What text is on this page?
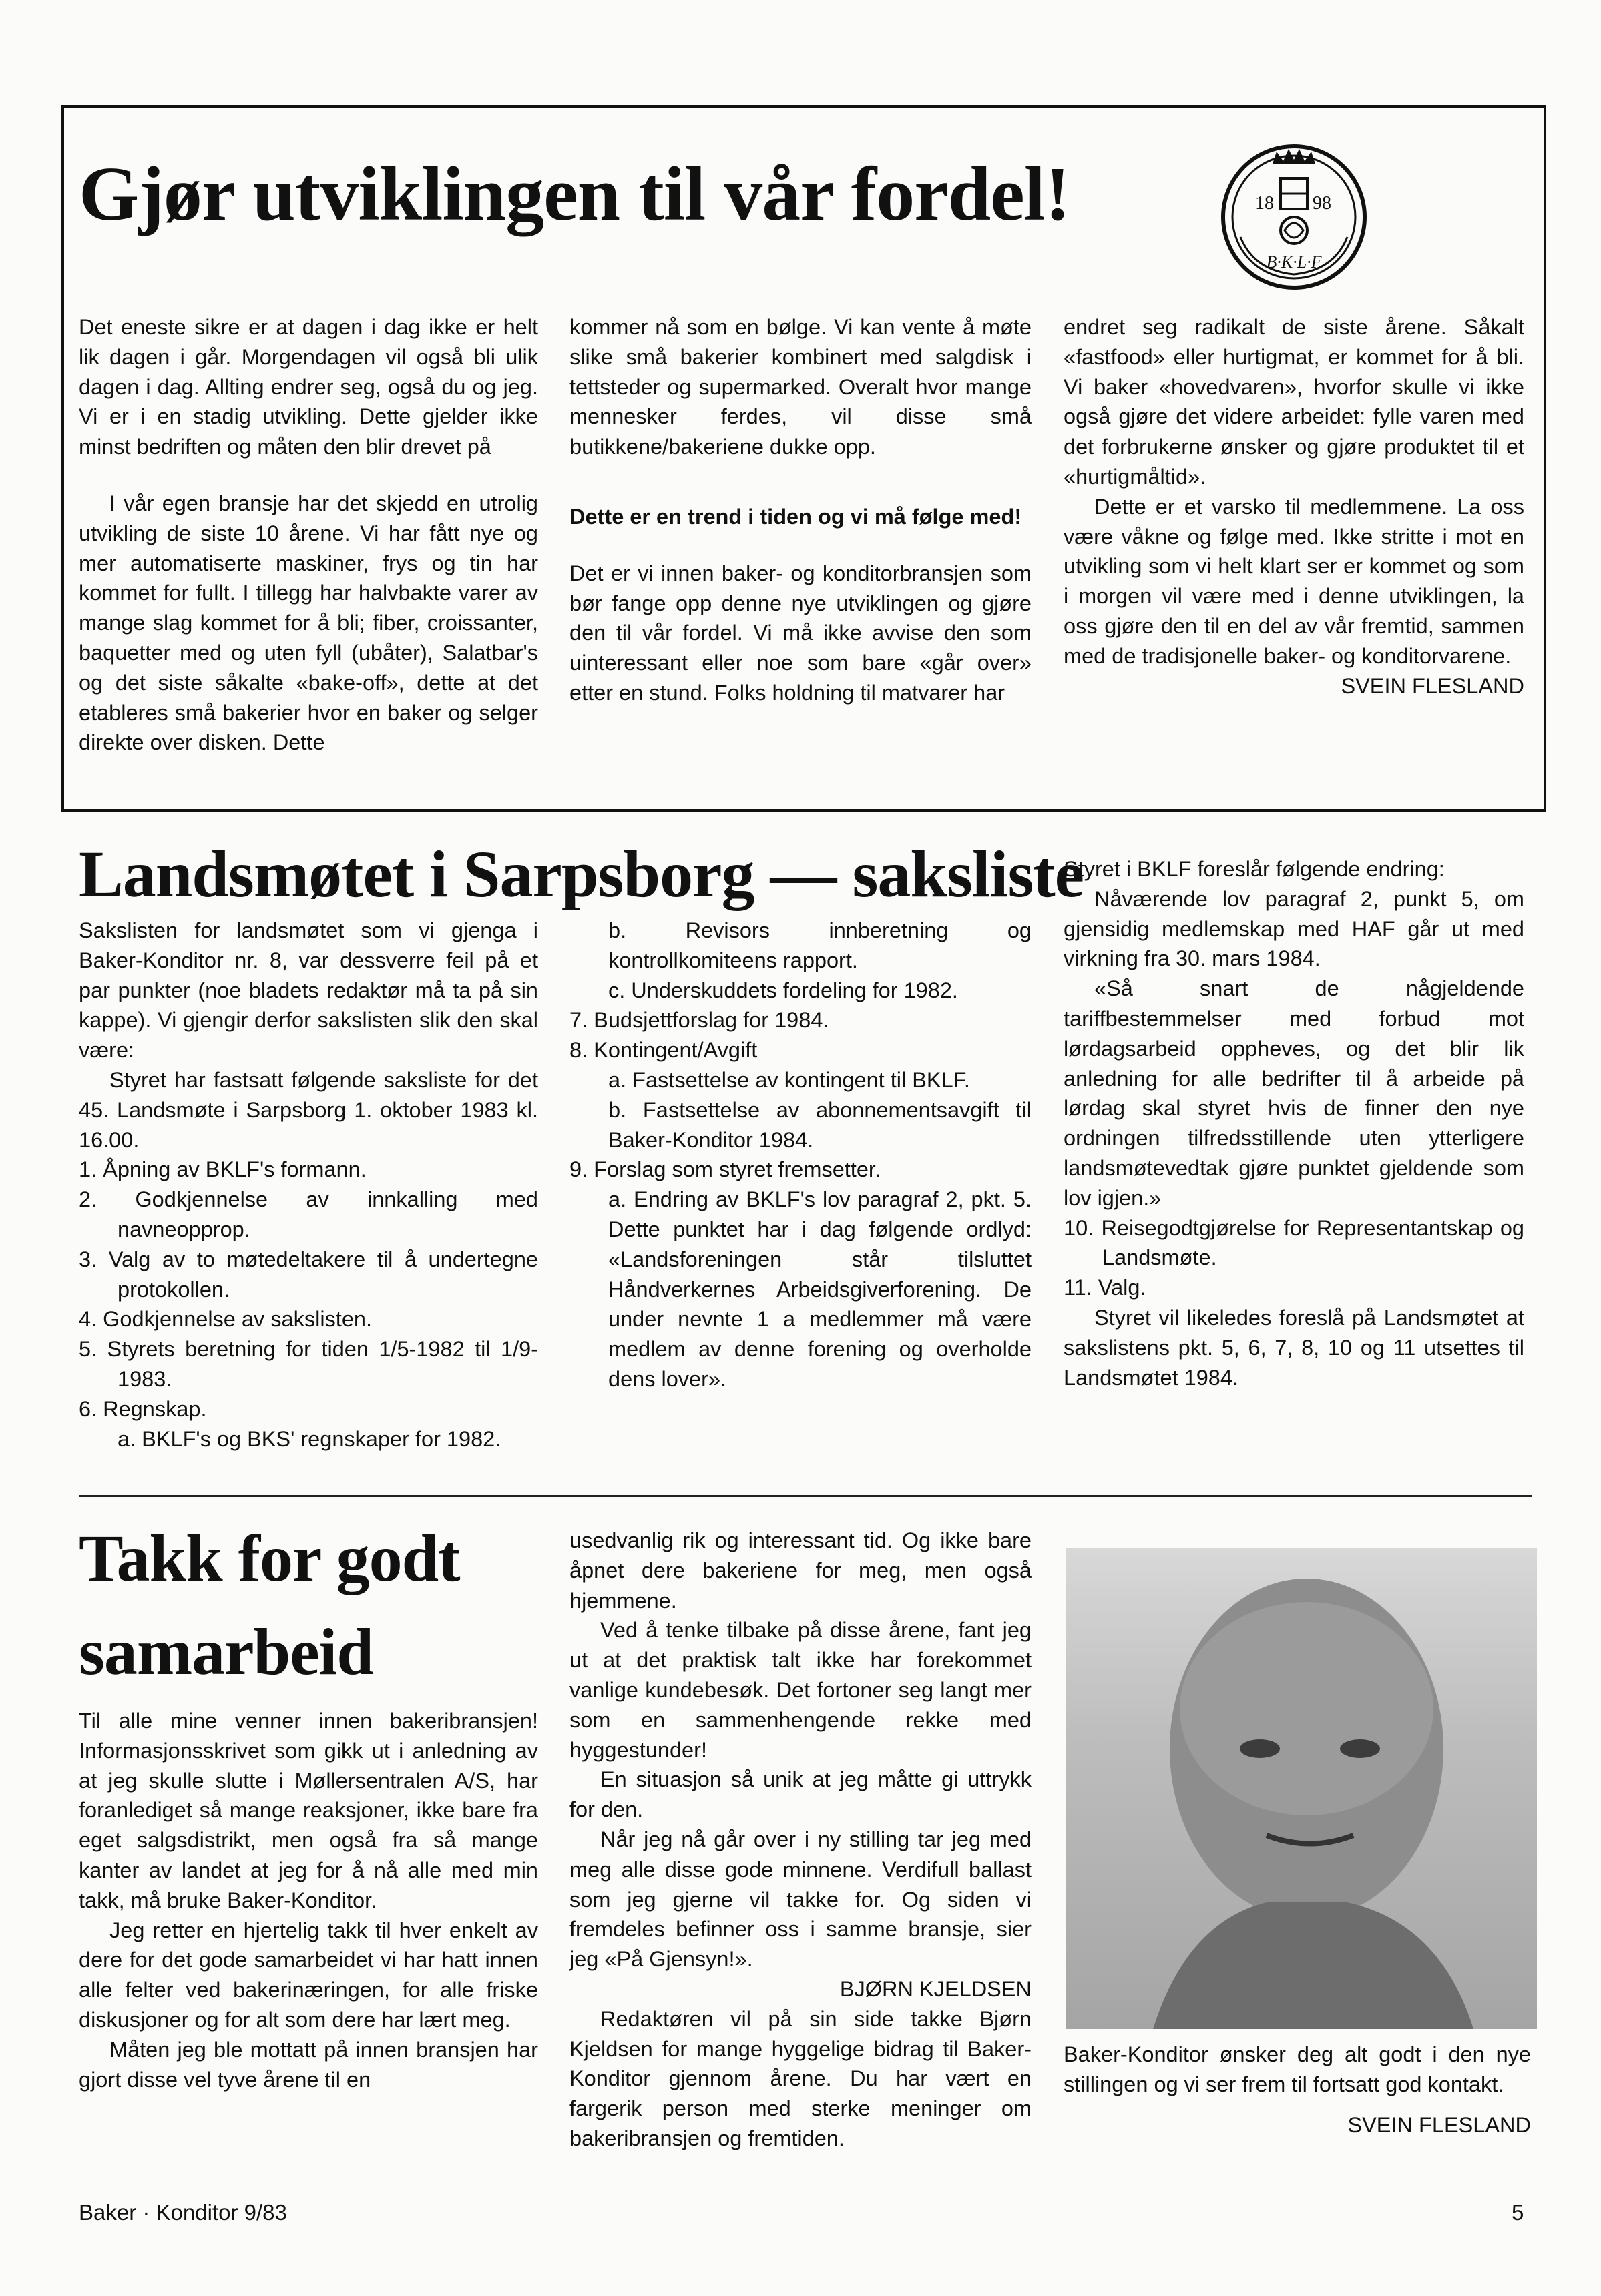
Gjør utviklingen til vår fordel!	18 98
B·K·L·F

Det eneste sikre er at dagen i dag ikke er helt lik dagen i går. Morgendagen vil også bli ulik dagen i dag. Allting endrer seg, også du og jeg. Vi er i en stadig utvikling. Dette gjelder ikke minst bedriften og måten den blir drevet på

I vår egen bransje har det skjedd en utrolig utvikling de siste 10 årene. Vi har fått nye og mer automatiserte maskiner, frys og tin har kommet for fullt. I tillegg har halvbakte varer av mange slag kommet for å bli; fiber, croissanter, baquetter med og uten fyll (ubåter), Salatbar's og det siste såkalte «bake-off», dette at det etableres små bakerier hvor en baker og selger direkte over disken. Dette

kommer nå som en bølge. Vi kan vente å møte slike små bakerier kombinert med salgdisk i tettsteder og supermarked. Overalt hvor mange mennesker ferdes, vil disse små butikkene/bakeriene dukke opp.

Dette er en trend i tiden og vi må følge med!

Det er vi innen baker- og konditorbransjen som bør fange opp denne nye utviklingen og gjøre den til vår fordel. Vi må ikke avvise den som uinteressant eller noe som bare «går over» etter en stund. Folks holdning til matvarer har

endret seg radikalt de siste årene. Såkalt «fastfood» eller hurtigmat, er kommet for å bli. Vi baker «hovedvaren», hvorfor skulle vi ikke også gjøre det videre arbeidet: fylle varen med det forbrukerne ønsker og gjøre produktet til et «hurtigmåltid».

Dette er et varsko til medlemmene. La oss være våkne og følge med. Ikke stritte i mot en utvikling som vi helt klart ser er kommet og som i morgen vil være med i denne utviklingen, la oss gjøre den til en del av vår fremtid, sammen med de tradisjonelle baker- og konditorvarene.

SVEIN FLESLAND

Landsmøtet i Sarpsborg — saksliste

Sakslisten for landsmøtet som vi gjenga i Baker-Konditor nr. 8, var dessverre feil på et par punkter (noe bladets redaktør må ta på sin kappe). Vi gjengir derfor sakslisten slik den skal være:

Styret har fastsatt følgende saksliste for det 45. Landsmøte i Sarpsborg 1. oktober 1983 kl. 16.00.

1. Åpning av BKLF's formann.
2. Godkjennelse av innkalling med navneopprop.
3. Valg av to møtedeltakere til å undertegne protokollen.
4. Godkjennelse av sakslisten.
5. Styrets beretning for tiden 1/5-1982 til 1/9-1983.
6. Regnskap.
a. BKLF's og BKS' regnskaper for 1982.
b. Revisors innberetning og kontrollkomiteens rapport.
c. Underskuddets fordeling for 1982.
7. Budsjettforslag for 1984.
8. Kontingent/Avgift
a. Fastsettelse av kontingent til BKLF.
b. Fastsettelse av abonnementsavgift til Baker-Konditor 1984.
9. Forslag som styret fremsetter.
a. Endring av BKLF's lov paragraf 2, pkt. 5. Dette punktet har i dag følgende ordlyd: «Landsforeningen står tilsluttet Håndverkernes Arbeidsgiverforening. De under nevnte 1 a medlemmer må være medlem av denne forening og overholde dens lover».

Styret i BKLF foreslår følgende endring:

Nåværende lov paragraf 2, punkt 5, om gjensidig medlemskap med HAF går ut med virkning fra 30. mars 1984.

«Så snart de någjeldende tariffbestemmelser med forbud mot lørdagsarbeid oppheves, og det blir lik anledning for alle bedrifter til å arbeide på lørdag skal styret hvis de finner den nye ordningen tilfredsstillende uten ytterligere landsmøtevedtak gjøre punktet gjeldende som lov igjen.»

10. Reisegodtgjørelse for Representantskap og Landsmøte.
11. Valg.

Styret vil likeledes foreslå på Landsmøtet at sakslistens pkt. 5, 6, 7, 8, 10 og 11 utsettes til Landsmøtet 1984.

Takk for godt
samarbeid

Til alle mine venner innen bakeribransjen! Informasjonsskrivet som gikk ut i anledning av at jeg skulle slutte i Møllersentralen A/S, har foranlediget så mange reaksjoner, ikke bare fra eget salgsdistrikt, men også fra så mange kanter av landet at jeg for å nå alle med min takk, må bruke Baker-Konditor.

Jeg retter en hjertelig takk til hver enkelt av dere for det gode samarbeidet vi har hatt innen alle felter ved bakerinæringen, for alle friske diskusjoner og for alt som dere har lært meg.

Måten jeg ble mottatt på innen bransjen har gjort disse vel tyve årene til en

usedvanlig rik og interessant tid. Og ikke bare åpnet dere bakeriene for meg, men også hjemmene.

Ved å tenke tilbake på disse årene, fant jeg ut at det praktisk talt ikke har forekommet vanlige kundebesøk. Det fortoner seg langt mer som en sammenhengende rekke med hyggestunder!

En situasjon så unik at jeg måtte gi uttrykk for den.

Når jeg nå går over i ny stilling tar jeg med meg alle disse gode minnene. Verdifull ballast som jeg gjerne vil takke for. Og siden vi fremdeles befinner oss i samme bransje, sier jeg «På Gjensyn!».

BJØRN KJELDSEN

Redaktøren vil på sin side takke Bjørn Kjeldsen for mange hyggelige bidrag til Baker-Konditor gjennom årene. Du har vært en fargerik person med sterke meninger om bakeribransjen og fremtiden.

Baker-Konditor ønsker deg alt godt i den nye stillingen og vi ser frem til fortsatt god kontakt.

SVEIN FLESLAND

Baker · Konditor 9/83	5
